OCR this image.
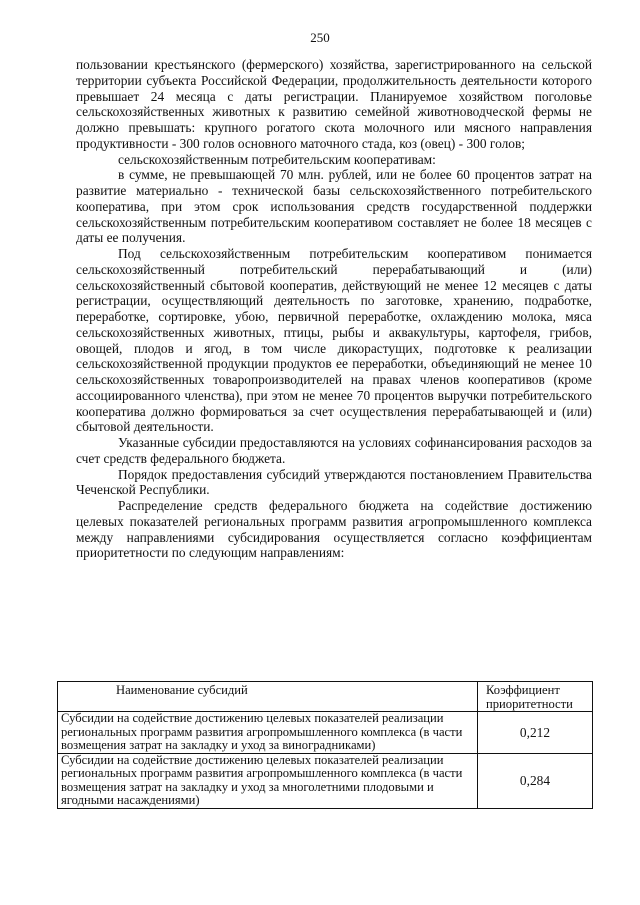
250

пользовании крестьянского (фермерского) хозяйства, зарегистрированного на сельской территории субъекта Российской Федерации, продолжительность деятельности которого превышает 24 месяца с даты регистрации. Планируемое хозяйством поголовье сельскохозяйственных животных к развитию семейной животноводческой фермы не должно превышать: крупного рогатого скота молочного или мясного направления продуктивности - 300 голов основного маточного стада, коз (овец) - 300 голов;

сельскохозяйственным потребительским кооперативам:

в сумме, не превышающей 70 млн. рублей, или не более 60 процентов затрат на развитие материально - технической базы сельскохозяйственного потребительского кооператива, при этом срок использования средств государственной поддержки сельскохозяйственным потребительским кооперативом составляет не более 18 месяцев с даты ее получения.

Под сельскохозяйственным потребительским кооперативом понимается сельскохозяйственный потребительский перерабатывающий и (или) сельскохозяйственный сбытовой кооператив, действующий не менее 12 месяцев с даты регистрации, осуществляющий деятельность по заготовке, хранению, подработке, переработке, сортировке, убою, первичной переработке, охлаждению молока, мяса сельскохозяйственных животных, птицы, рыбы и аквакультуры, картофеля, грибов, овощей, плодов и ягод, в том числе дикорастущих, подготовке к реализации сельскохозяйственной продукции продуктов ее переработки, объединяющий не менее 10 сельскохозяйственных товаропроизводителей на правах членов кооперативов (кроме ассоциированного членства), при этом не менее 70 процентов выручки потребительского кооператива должно формироваться за счет осуществления перерабатывающей и (или) сбытовой деятельности.

Указанные субсидии предоставляются на условиях софинансирования расходов за счет средств федерального бюджета.

Порядок предоставления субсидий утверждаются постановлением Правительства Чеченской Республики.

Распределение средств федерального бюджета на содействие достижению целевых показателей региональных программ развития агропромышленного комплекса между направлениями субсидирования осуществляется согласно коэффициентам приоритетности по следующим направлениям:

Наименование субсидий	Коэффициент приоритетности
Субсидии на содействие достижению целевых показателей реализации региональных программ развития агропромышленного комплекса (в части возмещения затрат на закладку и уход за виноградниками)	0,212
Субсидии на содействие достижению целевых показателей реализации региональных программ развития агропромышленного комплекса (в части возмещения затрат на закладку и уход за многолетними плодовыми и ягодными насаждениями)	0,284
